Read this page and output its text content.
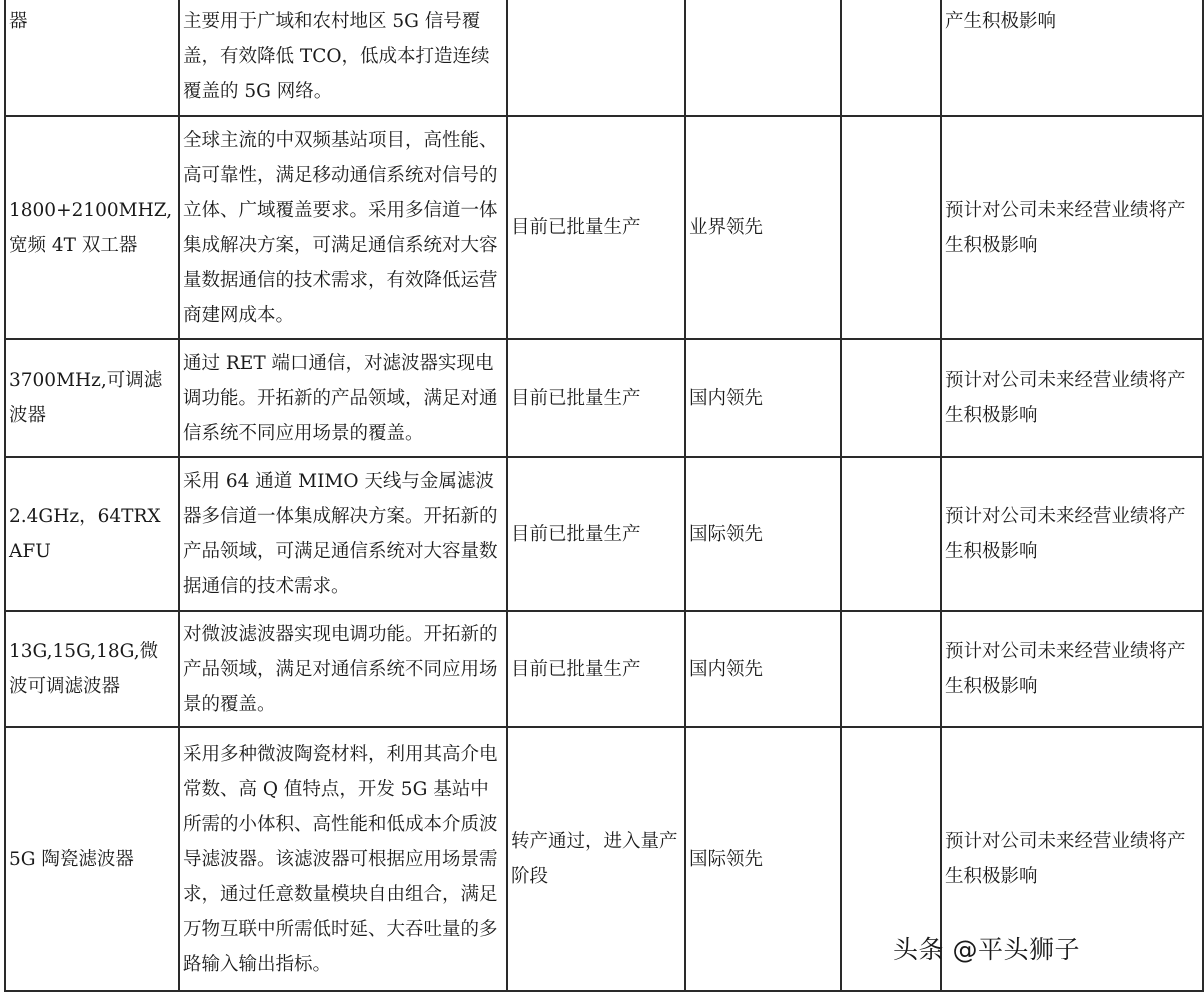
器	主要用于广域和农村地区 5G 信号覆盖，有效降低 TCO，低成本打造连续覆盖的 5G 网络。				产生积极影响
1800+2100MHZ,宽频 4T 双工器	全球主流的中双频基站项目，高性能、高可靠性，满足移动通信系统对信号的立体、广域覆盖要求。采用多信道一体集成解决方案，可满足通信系统对大容量数据通信的技术需求，有效降低运营商建网成本。	目前已批量生产	业界领先		预计对公司未来经营业绩将产生积极影响
3700MHz,可调滤波器	通过 RET 端口通信，对滤波器实现电调功能。开拓新的产品领域，满足对通信系统不同应用场景的覆盖。	目前已批量生产	国内领先		预计对公司未来经营业绩将产生积极影响
2.4GHz，64TRX AFU	采用 64 通道 MIMO 天线与金属滤波器多信道一体集成解决方案。开拓新的产品领域，可满足通信系统对大容量数据通信的技术需求。	目前已批量生产	国际领先		预计对公司未来经营业绩将产生积极影响
13G,15G,18G,微波可调滤波器	对微波滤波器实现电调功能。开拓新的产品领域，满足对通信系统不同应用场景的覆盖。	目前已批量生产	国内领先		预计对公司未来经营业绩将产生积极影响
5G 陶瓷滤波器	采用多种微波陶瓷材料，利用其高介电常数、高 Q 值特点，开发 5G 基站中所需的小体积、高性能和低成本介质波导滤波器。该滤波器可根据应用场景需求，通过任意数量模块自由组合，满足万物互联中所需低时延、大吞吐量的多路输入输出指标。	转产通过，进入量产阶段	国际领先		预计对公司未来经营业绩将产生积极影响
头条 @平头狮子
